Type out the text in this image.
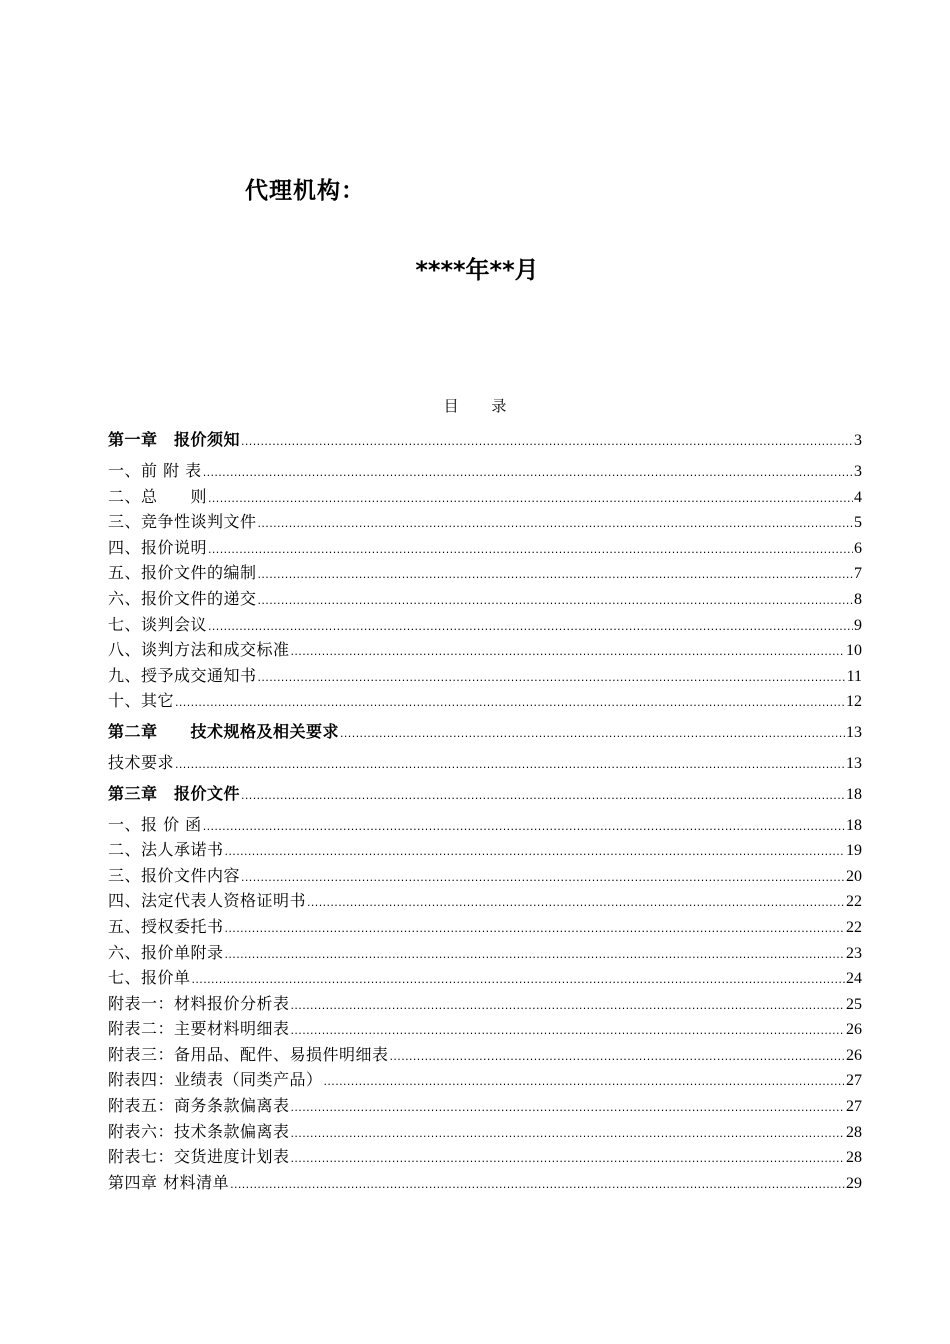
代理机构：
****年**月
目 录
第一章　报价须知 .....	3
一、前 附 表 .....	3
二、总　　则 .....	4
三、竞争性谈判文件 .....	5
四、报价说明 .....	6
五、报价文件的编制 .....	7
六、报价文件的递交 .....	8
七、谈判会议 .....	9
八、谈判方法和成交标准 .....	10
九、授予成交通知书 .....	11
十、其它 .....	12
第二章　　技术规格及相关要求 .....	13
技术要求 .....	13
第三章　报价文件 .....	18
一、报 价 函 .....	18
二、法人承诺书 .....	19
三、报价文件内容 .....	20
四、法定代表人资格证明书 .....	22
五、授权委托书 .....	22
六、报价单附录 .....	23
七、报价单 .....	24
附表一：材料报价分析表 .....	25
附表二：主要材料明细表 .....	26
附表三：备用品、配件、易损件明细表 .....	26
附表四：业绩表（同类产品） .....	27
附表五：商务条款偏离表 .....	27
附表六：技术条款偏离表 .....	28
附表七：交货进度计划表 .....	28
第四章 材料清单 .....	29
